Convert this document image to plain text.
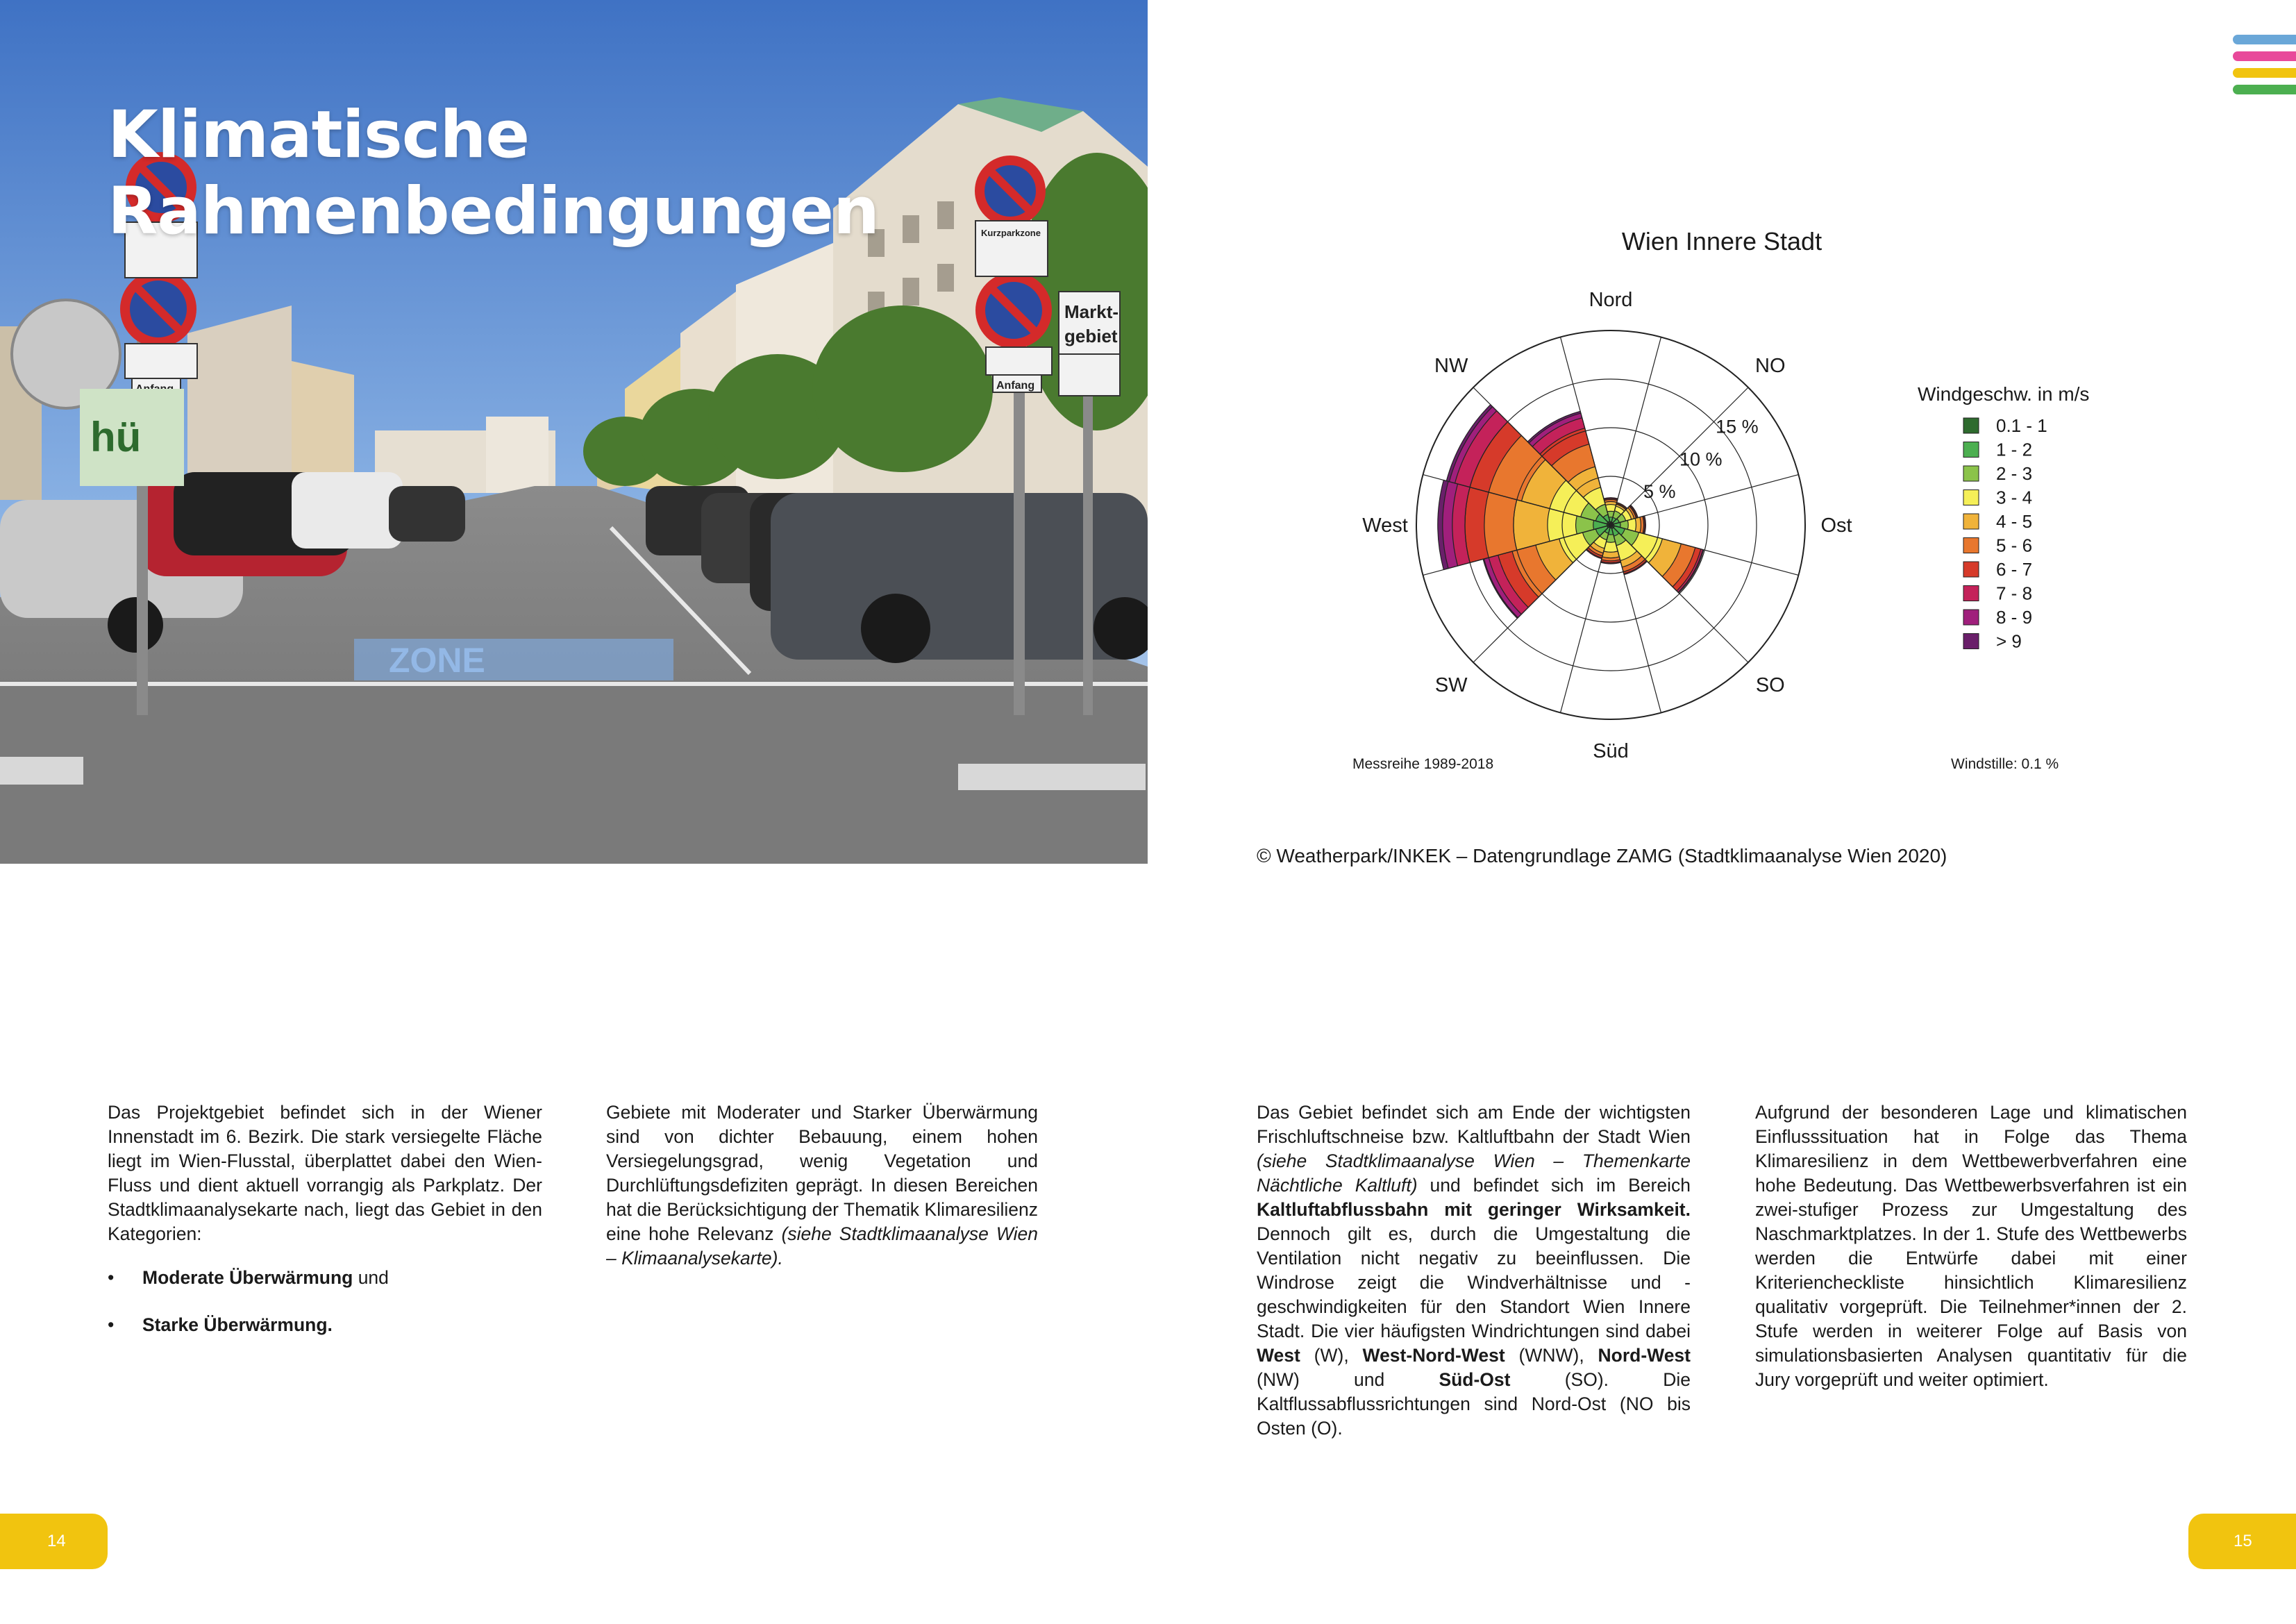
ZONE
Kurzparkzone
Anfang
Markt-
gebiet
hü
Klimatische
Rahmenbedingungen	Wien Innere Stadt
Nord
NO
Ost
SO
Süd
SW
West
NW
5 %
10 %
15 %
Windgeschw. in m/s
0.1 - 1
1 - 2
2 - 3
3 - 4
4 - 5
5 - 6
6 - 7
7 - 8
8 - 9
> 9
Messreihe 1989-2018	Windstille: 0.1 %
© Weatherpark/INKEK – Datengrundlage ZAMG (Stadtklimaanalyse Wien 2020)

Das Projektgebiet befindet sich in der Wiener Innenstadt im 6. Bezirk. Die stark versiegelte Fläche liegt im Wien-Flusstal, überplattet dabei den Wien-Fluss und dient aktuell vorrangig als Parkplatz. Der Stadtklimaanalysekarte nach, liegt das Gebiet in den Kategorien:

• Moderate Überwärmung und
• Starke Überwärmung.

Gebiete mit Moderater und Starker Überwärmung sind von dichter Bebauung, einem hohen Versiegelungsgrad, wenig Vegetation und Durchlüftungsdefiziten geprägt. In diesen Bereichen hat die Berücksichtigung der Thematik Klimaresilienz eine hohe Relevanz (siehe Stadtklimaanalyse Wien – Klimaanalysekarte).

Das Gebiet befindet sich am Ende der wichtigsten Frischluftschneise bzw. Kaltluftbahn der Stadt Wien (siehe Stadtklimaanalyse Wien – Themenkarte Nächtliche Kaltluft) und befindet sich im Bereich Kaltluftabflussbahn mit geringer Wirksamkeit. Dennoch gilt es, durch die Umgestaltung die Ventilation nicht negativ zu beeinflussen. Die Windrose zeigt die Windverhältnisse und -geschwindigkeiten für den Standort Wien Innere Stadt. Die vier häufigsten Windrichtungen sind dabei West (W), West-Nord-West (WNW), Nord-West (NW) und Süd-Ost (SO). Die Kaltflussabflussrichtungen sind Nord-Ost (NO bis Osten (O).

Aufgrund der besonderen Lage und klimatischen Einflusssituation hat in Folge das Thema Klimaresilienz in dem Wettbewerbverfahren eine hohe Bedeutung. Das Wettbewerbsverfahren ist ein zwei-stufiger Prozess zur Umgestaltung des Naschmarktplatzes. In der 1. Stufe des Wettbewerbs werden die Entwürfe dabei mit einer Kriteriencheckliste hinsichtlich Klimaresilienz qualitativ vorgeprüft. Die Teilnehmer*innen der 2. Stufe werden in weiterer Folge auf Basis von simulationsbasierten Analysen quantitativ für die Jury vorgeprüft und weiter optimiert.

14	15
